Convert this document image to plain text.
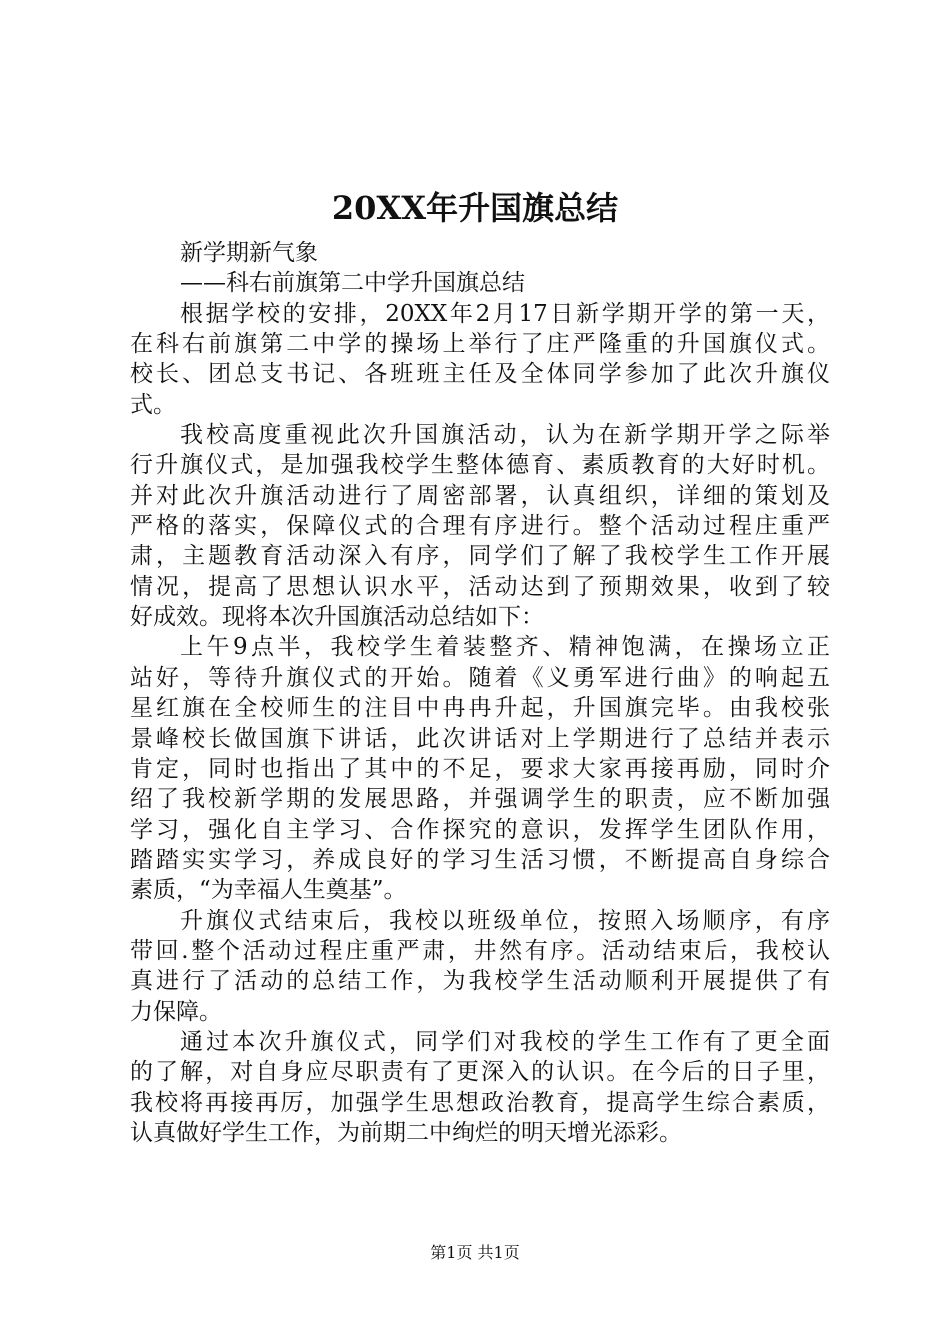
20XX年升国旗总结
新学期新气象
——科右前旗第二中学升国旗总结
根据学校的安排，20XX年2月17日新学期开学的第一天，
在科右前旗第二中学的操场上举行了庄严隆重的升国旗仪式。
校长、团总支书记、各班班主任及全体同学参加了此次升旗仪
式。
我校高度重视此次升国旗活动，认为在新学期开学之际举
行升旗仪式，是加强我校学生整体德育、素质教育的大好时机。
并对此次升旗活动进行了周密部署，认真组织，详细的策划及
严格的落实，保障仪式的合理有序进行。整个活动过程庄重严
肃，主题教育活动深入有序，同学们了解了我校学生工作开展
情况，提高了思想认识水平，活动达到了预期效果，收到了较
好成效。现将本次升国旗活动总结如下：
上午9点半，我校学生着装整齐、精神饱满，在操场立正
站好，等待升旗仪式的开始。随着《义勇军进行曲》的响起五
星红旗在全校师生的注目中冉冉升起，升国旗完毕。由我校张
景峰校长做国旗下讲话，此次讲话对上学期进行了总结并表示
肯定，同时也指出了其中的不足，要求大家再接再励，同时介
绍了我校新学期的发展思路，并强调学生的职责，应不断加强
学习，强化自主学习、合作探究的意识，发挥学生团队作用，
踏踏实实学习，养成良好的学习生活习惯，不断提高自身综合
素质，“为幸福人生奠基”。
升旗仪式结束后，我校以班级单位，按照入场顺序，有序
带回.整个活动过程庄重严肃，井然有序。活动结束后，我校认
真进行了活动的总结工作，为我校学生活动顺利开展提供了有
力保障。
通过本次升旗仪式，同学们对我校的学生工作有了更全面
的了解，对自身应尽职责有了更深入的认识。在今后的日子里，
我校将再接再厉，加强学生思想政治教育，提高学生综合素质，
认真做好学生工作，为前期二中绚烂的明天增光添彩。
第1页 共1页
